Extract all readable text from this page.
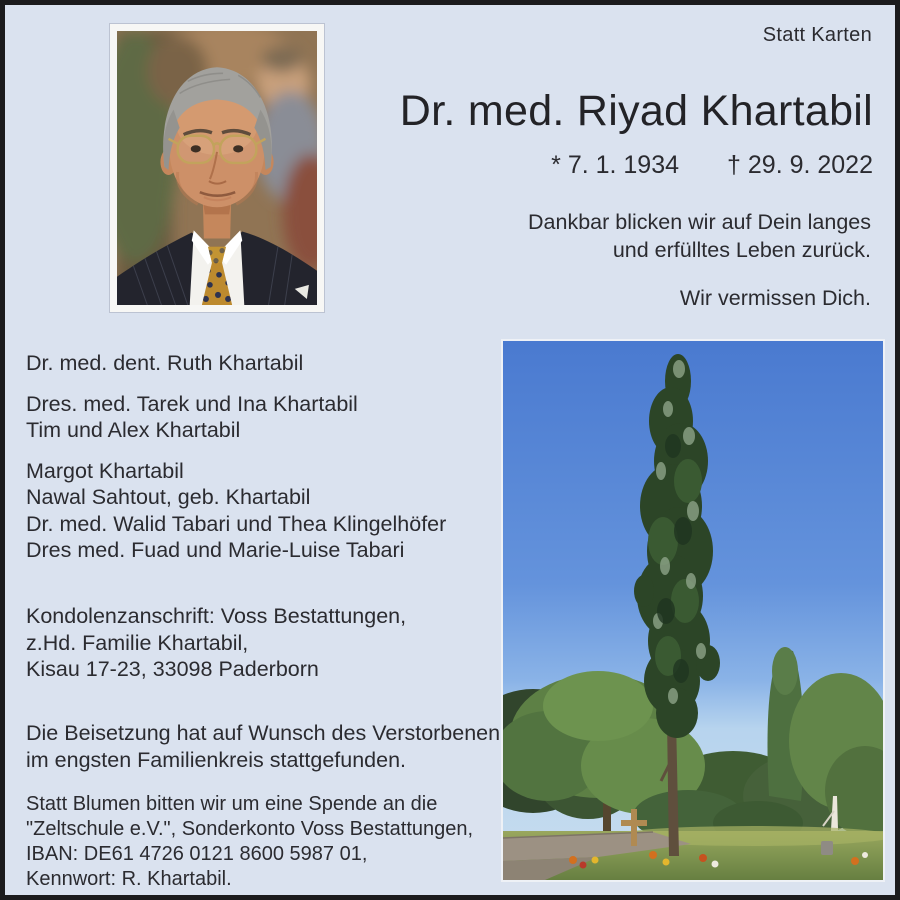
Statt Karten
Dr. med. Riyad Khartabil
* 7. 1. 1934 † 29. 9. 2022
Dankbar blicken wir auf Dein langes
und erfülltes Leben zurück.
Wir vermissen Dich.
Dr. med. dent. Ruth Khartabil
Dres. med. Tarek und Ina Khartabil
Tim und Alex Khartabil
Margot Khartabil
Nawal Sahtout, geb. Khartabil
Dr. med. Walid Tabari und Thea Klingelhöfer
Dres med. Fuad und Marie-Luise Tabari
Kondolenzanschrift: Voss Bestattungen,
z.Hd. Familie Khartabil,
Kisau 17-23, 33098 Paderborn
Die Beisetzung hat auf Wunsch des Verstorbenen
im engsten Familienkreis stattgefunden.
Statt Blumen bitten wir um eine Spende an die
"Zeltschule e.V.", Sonderkonto Voss Bestattungen,
IBAN: DE61 4726 0121 8600 5987 01,
Kennwort: R. Khartabil.
